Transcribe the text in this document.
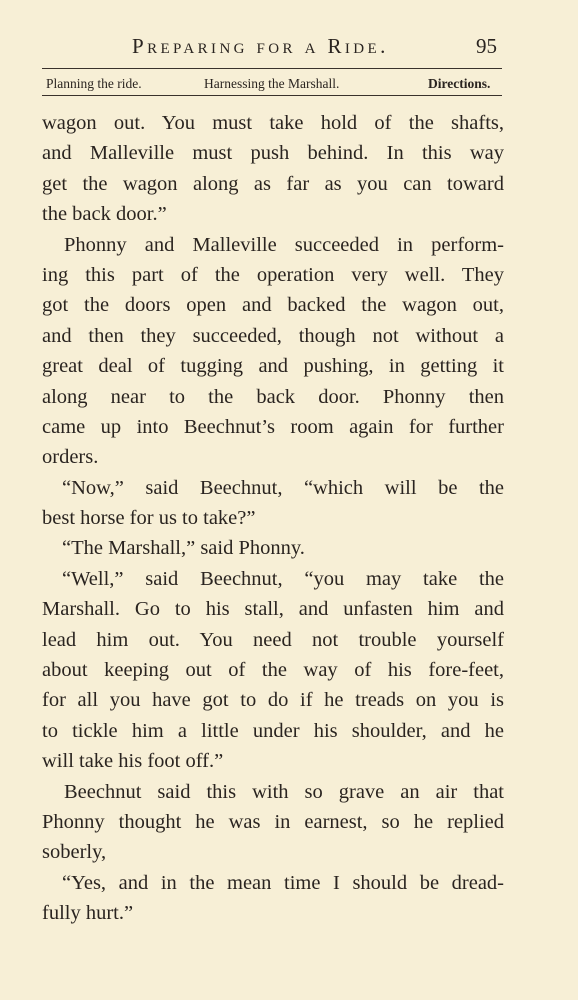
Preparing for a Ride.	95
Planning the ride.	Harnessing the Marshall.	Directions.
wagon out. You must take hold of the shafts,
and Malleville must push behind. In this way
get the wagon along as far as you can toward
the back door.”
Phonny and Malleville succeeded in perform-
ing this part of the operation very well. They
got the doors open and backed the wagon out,
and then they succeeded, though not without a
great deal of tugging and pushing, in getting it
along near to the back door. Phonny then
came up into Beechnut’s room again for further
orders.
“Now,” said Beechnut, “which will be the
best horse for us to take?”
“The Marshall,” said Phonny.
“Well,” said Beechnut, “you may take the
Marshall. Go to his stall, and unfasten him and
lead him out. You need not trouble yourself
about keeping out of the way of his fore-feet,
for all you have got to do if he treads on you is
to tickle him a little under his shoulder, and he
will take his foot off.”
Beechnut said this with so grave an air that
Phonny thought he was in earnest, so he replied
soberly,
“Yes, and in the mean time I should be dread-
fully hurt.”
